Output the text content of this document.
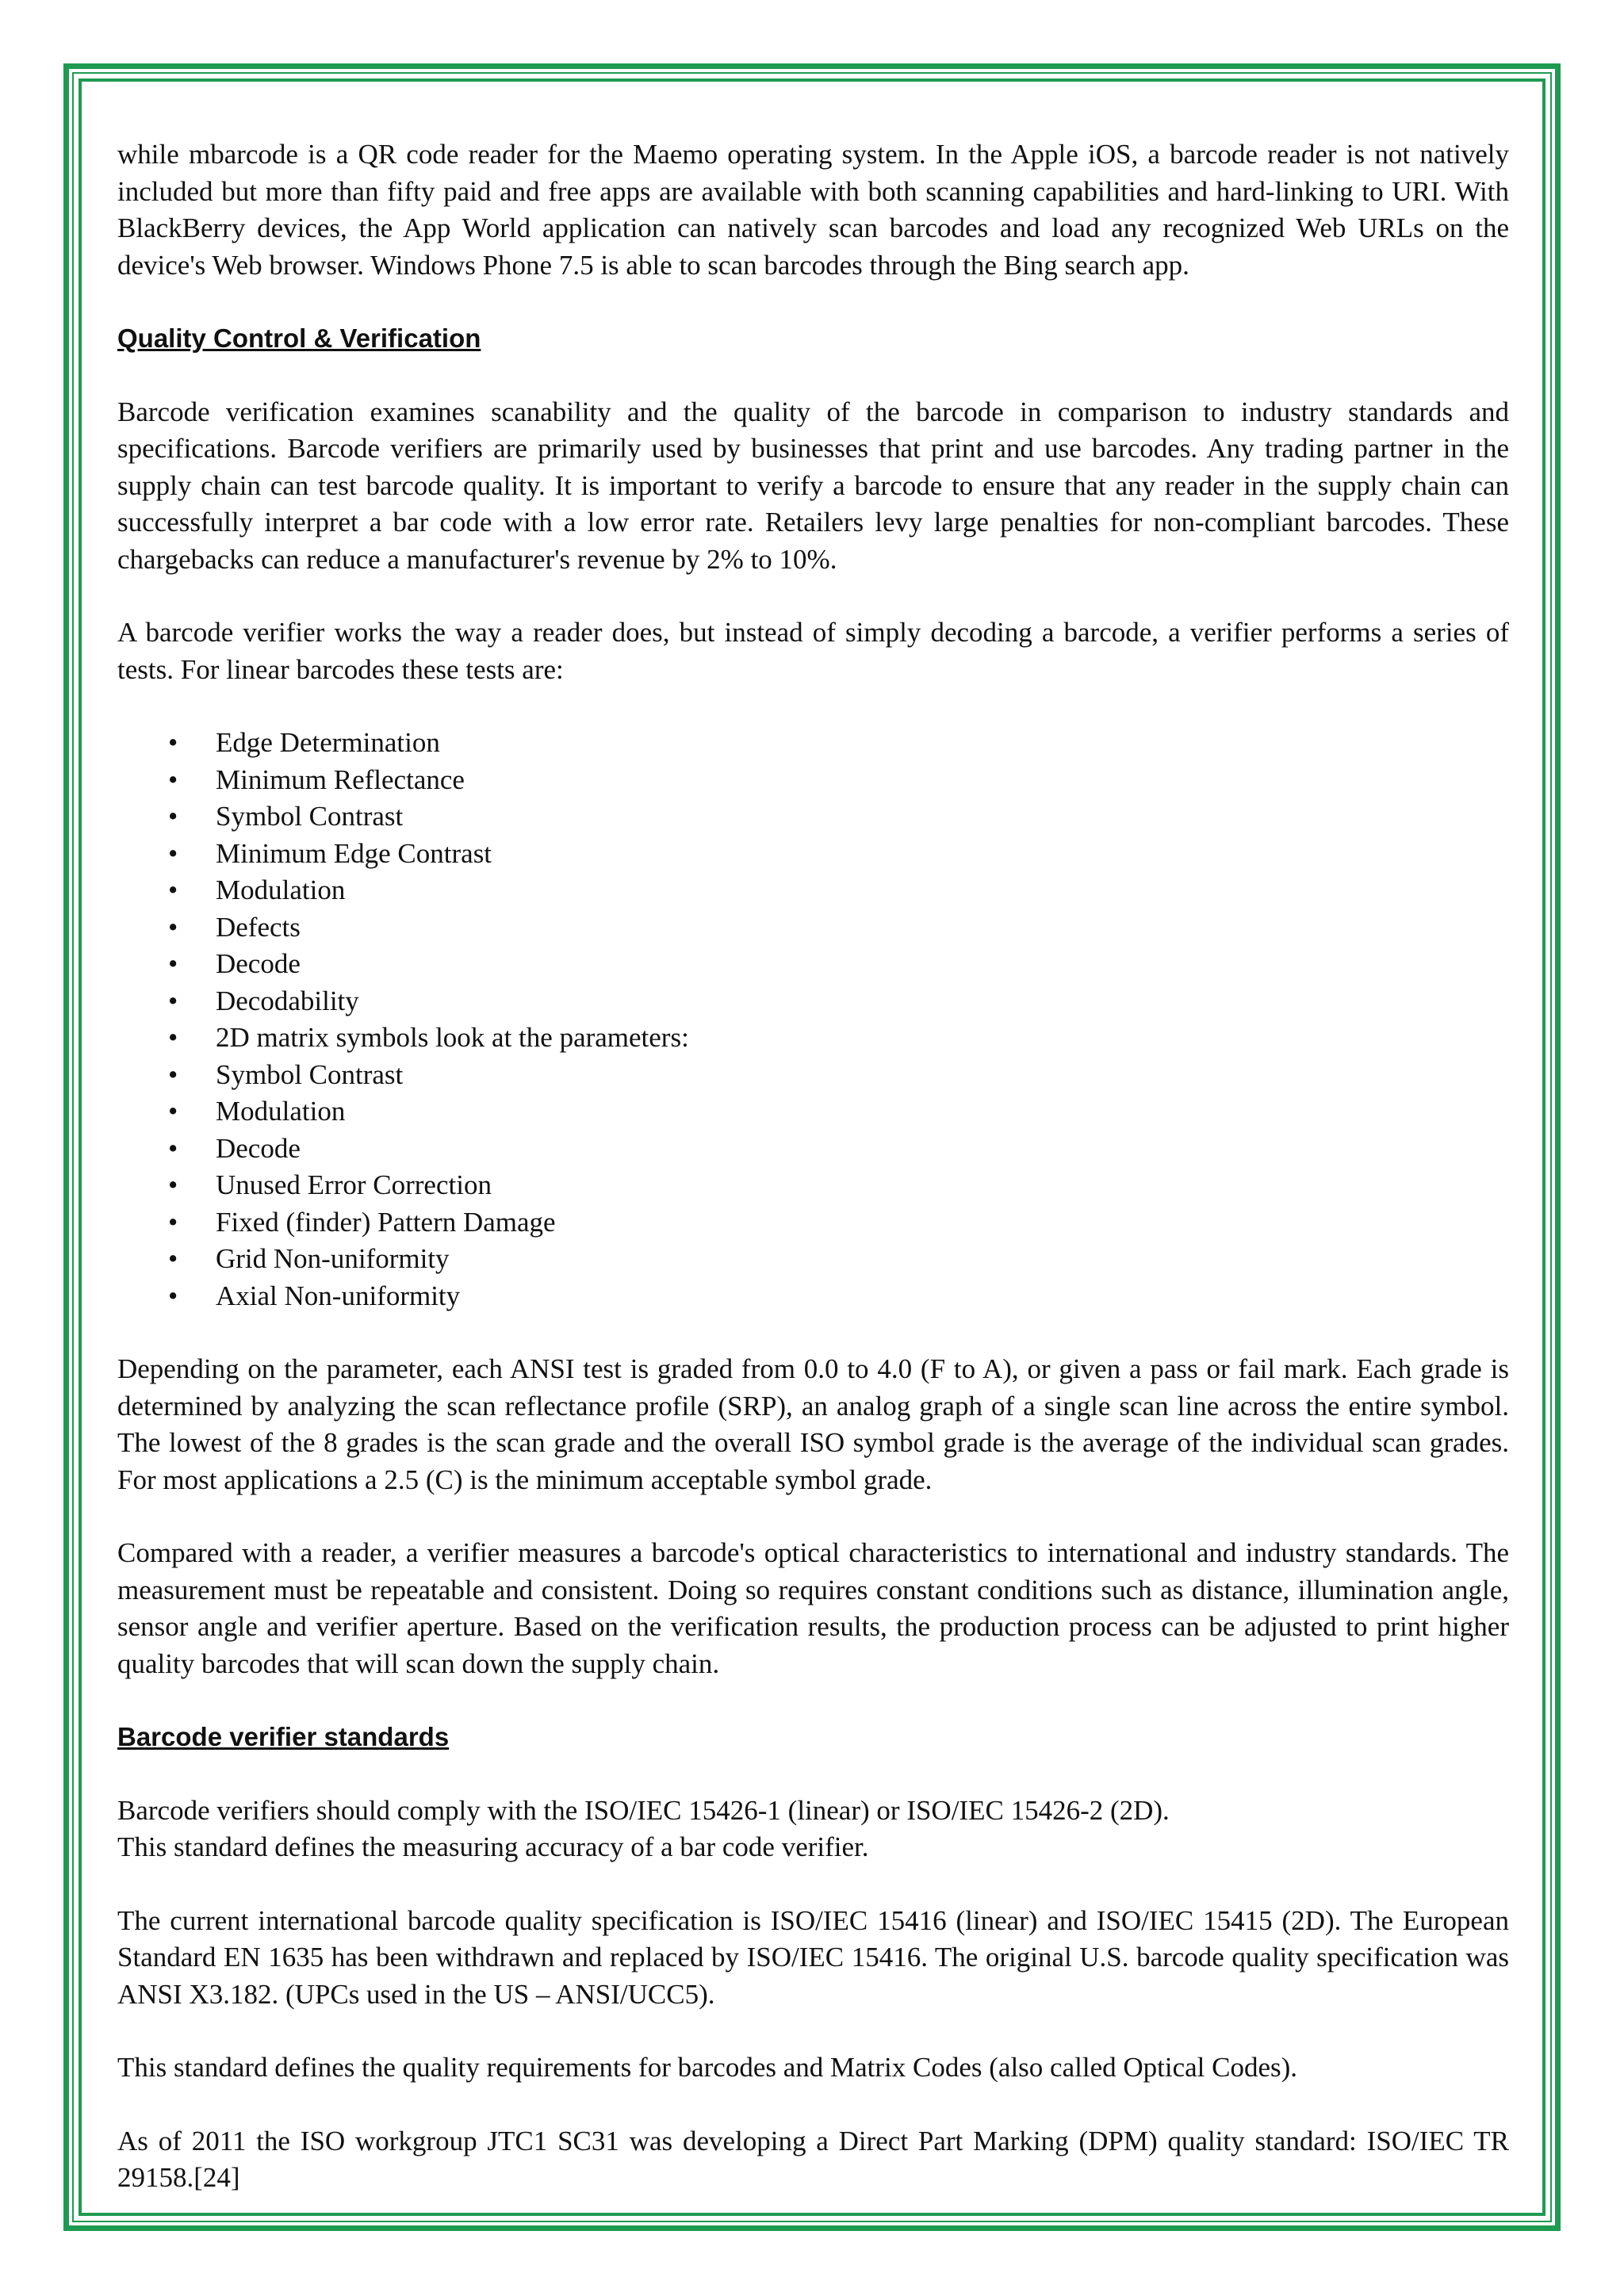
while mbarcode is a QR code reader for the Maemo operating system. In the Apple iOS, a barcode reader is not natively included but more than fifty paid and free apps are available with both scanning capabilities and hard-linking to URI. With BlackBerry devices, the App World application can natively scan barcodes and load any recognized Web URLs on the device's Web browser. Windows Phone 7.5 is able to scan barcodes through the Bing search app.

Quality Control & Verification

Barcode verification examines scanability and the quality of the barcode in comparison to industry standards and specifications. Barcode verifiers are primarily used by businesses that print and use barcodes. Any trading partner in the supply chain can test barcode quality. It is important to verify a barcode to ensure that any reader in the supply chain can successfully interpret a bar code with a low error rate. Retailers levy large penalties for non-compliant barcodes. These chargebacks can reduce a manufacturer's revenue by 2% to 10%.

A barcode verifier works the way a reader does, but instead of simply decoding a barcode, a verifier performs a series of tests. For linear barcodes these tests are:

• Edge Determination
• Minimum Reflectance
• Symbol Contrast
• Minimum Edge Contrast
• Modulation
• Defects
• Decode
• Decodability
• 2D matrix symbols look at the parameters:
• Symbol Contrast
• Modulation
• Decode
• Unused Error Correction
• Fixed (finder) Pattern Damage
• Grid Non-uniformity
• Axial Non-uniformity

Depending on the parameter, each ANSI test is graded from 0.0 to 4.0 (F to A), or given a pass or fail mark. Each grade is determined by analyzing the scan reflectance profile (SRP), an analog graph of a single scan line across the entire symbol. The lowest of the 8 grades is the scan grade and the overall ISO symbol grade is the average of the individual scan grades. For most applications a 2.5 (C) is the minimum acceptable symbol grade.

Compared with a reader, a verifier measures a barcode's optical characteristics to international and industry standards. The measurement must be repeatable and consistent. Doing so requires constant conditions such as distance, illumination angle, sensor angle and verifier aperture. Based on the verification results, the production process can be adjusted to print higher quality barcodes that will scan down the supply chain.

Barcode verifier standards

Barcode verifiers should comply with the ISO/IEC 15426-1 (linear) or ISO/IEC 15426-2 (2D).
This standard defines the measuring accuracy of a bar code verifier.

The current international barcode quality specification is ISO/IEC 15416 (linear) and ISO/IEC 15415 (2D). The European Standard EN 1635 has been withdrawn and replaced by ISO/IEC 15416. The original U.S. barcode quality specification was ANSI X3.182. (UPCs used in the US – ANSI/UCC5).

This standard defines the quality requirements for barcodes and Matrix Codes (also called Optical Codes).

As of 2011 the ISO workgroup JTC1 SC31 was developing a Direct Part Marking (DPM) quality standard: ISO/IEC TR 29158.[24]
